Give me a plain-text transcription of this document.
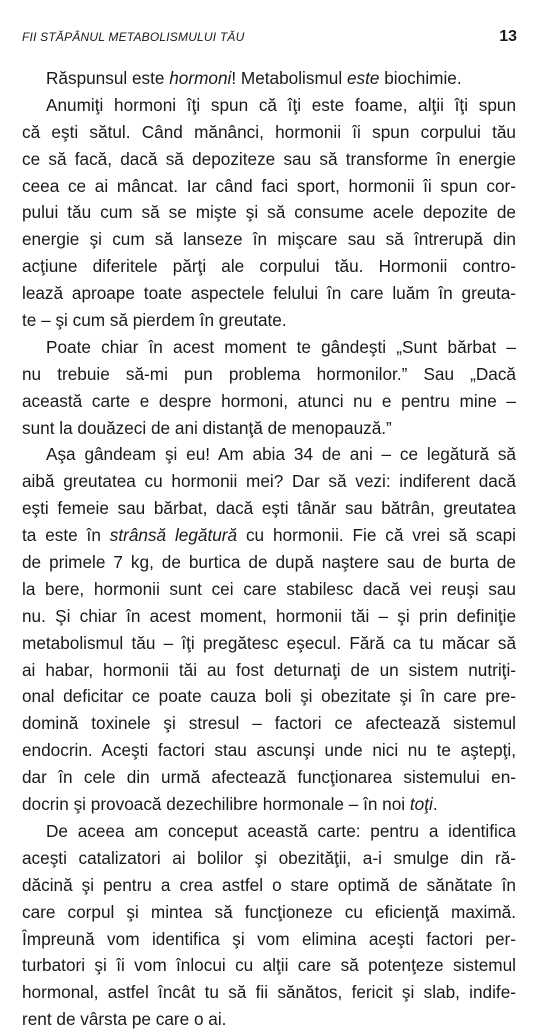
FII STĂPÂNUL METABOLISMULUI TĂU	13
Răspunsul este hormoni! Metabolismul este biochimie.
Anumiţi hormoni îţi spun că îţi este foame, alţii îţi spun
că eşti sătul. Când mănânci, hormonii îi spun corpului tău
ce să facă, dacă să depoziteze sau să transforme în energie
ceea ce ai mâncat. Iar când faci sport, hormonii îi spun cor-
pului tău cum să se mişte şi să consume acele depozite de
energie şi cum să lanseze în mişcare sau să întrerupă din
acţiune diferitele părţi ale corpului tău. Hormonii contro-
lează aproape toate aspectele felului în care luăm în greuta-
te – şi cum să pierdem în greutate.
Poate chiar în acest moment te gândeşti „Sunt bărbat –
nu trebuie să-mi pun problema hormonilor.” Sau „Dacă
această carte e despre hormoni, atunci nu e pentru mine –
sunt la douăzeci de ani distanţă de menopauză.”
Aşa gândeam şi eu! Am abia 34 de ani – ce legătură să
aibă greutatea cu hormonii mei? Dar să vezi: indiferent dacă
eşti femeie sau bărbat, dacă eşti tânăr sau bătrân, greutatea
ta este în strânsă legătură cu hormonii. Fie că vrei să scapi
de primele 7 kg, de burtica de după naştere sau de burta de
la bere, hormonii sunt cei care stabilesc dacă vei reuşi sau
nu. Şi chiar în acest moment, hormonii tăi – şi prin definiţie
metabolismul tău – îţi pregătesc eşecul. Fără ca tu măcar să
ai habar, hormonii tăi au fost deturnaţi de un sistem nutriţi-
onal deficitar ce poate cauza boli şi obezitate şi în care pre-
domină toxinele şi stresul – factori ce afectează sistemul
endocrin. Aceşti factori stau ascunşi unde nici nu te aştepţi,
dar în cele din urmă afectează funcţionarea sistemului en-
docrin şi provoacă dezechilibre hormonale – în noi toţi.
De aceea am conceput această carte: pentru a identifica
aceşti catalizatori ai bolilor şi obezităţii, a-i smulge din ră-
dăcină şi pentru a crea astfel o stare optimă de sănătate în
care corpul şi mintea să funcţioneze cu eficienţă maximă.
Împreună vom identifica şi vom elimina aceşti factori per-
turbatori şi îi vom înlocui cu alţii care să potenţeze sistemul
hormonal, astfel încât tu să fii sănătos, fericit şi slab, indife-
rent de vârsta pe care o ai.
